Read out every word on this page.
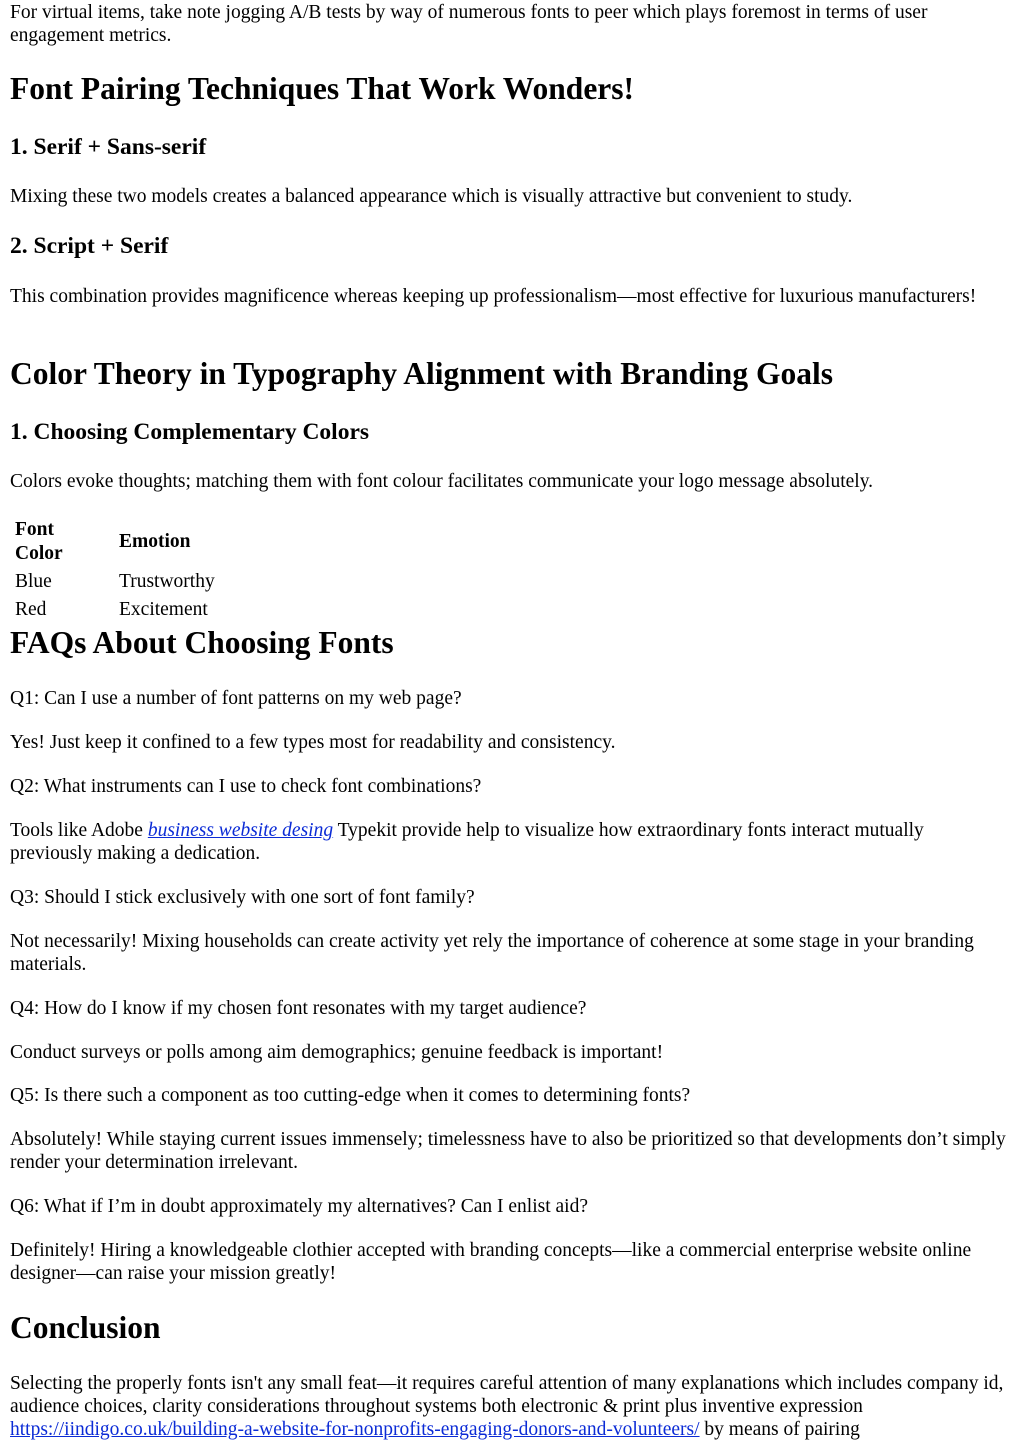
For virtual items, take note jogging A/B tests by way of numerous fonts to peer which plays foremost in terms of user engagement metrics.

Font Pairing Techniques That Work Wonders!
1. Serif + Sans-serif

Mixing these two models creates a balanced appearance which is visually attractive but convenient to study.

2. Script + Serif

This combination provides magnificence whereas keeping up professionalism—most effective for luxurious manufacturers!

Color Theory in Typography Alignment with Branding Goals
1. Choosing Complementary Colors

Colors evoke thoughts; matching them with font colour facilitates communicate your logo message absolutely.

Font Color	Emotion
Blue	Trustworthy
Red	Excitement
FAQs About Choosing Fonts

Q1: Can I use a number of font patterns on my web page?

Yes! Just keep it confined to a few types most for readability and consistency.

Q2: What instruments can I use to check font combinations?

Tools like Adobe business website desing Typekit provide help to visualize how extraordinary fonts interact mutually previously making a dedication.

Q3: Should I stick exclusively with one sort of font family?

Not necessarily! Mixing households can create activity yet rely the importance of coherence at some stage in your branding materials.

Q4: How do I know if my chosen font resonates with my target audience?

Conduct surveys or polls among aim demographics; genuine feedback is important!

Q5: Is there such a component as too cutting-edge when it comes to determining fonts?

Absolutely! While staying current issues immensely; timelessness have to also be prioritized so that developments don’t simply render your determination irrelevant.

Q6: What if I’m in doubt approximately my alternatives? Can I enlist aid?

Definitely! Hiring a knowledgeable clothier accepted with branding concepts—like a commercial enterprise website online designer—can raise your mission greatly!

Conclusion

Selecting the properly fonts isn't any small feat—it requires careful attention of many explanations which includes company id, audience choices, clarity considerations throughout systems both electronic & print plus inventive expression https://iindigo.co.uk/building-a-website-for-nonprofits-engaging-donors-and-volunteers/ by means of pairing
